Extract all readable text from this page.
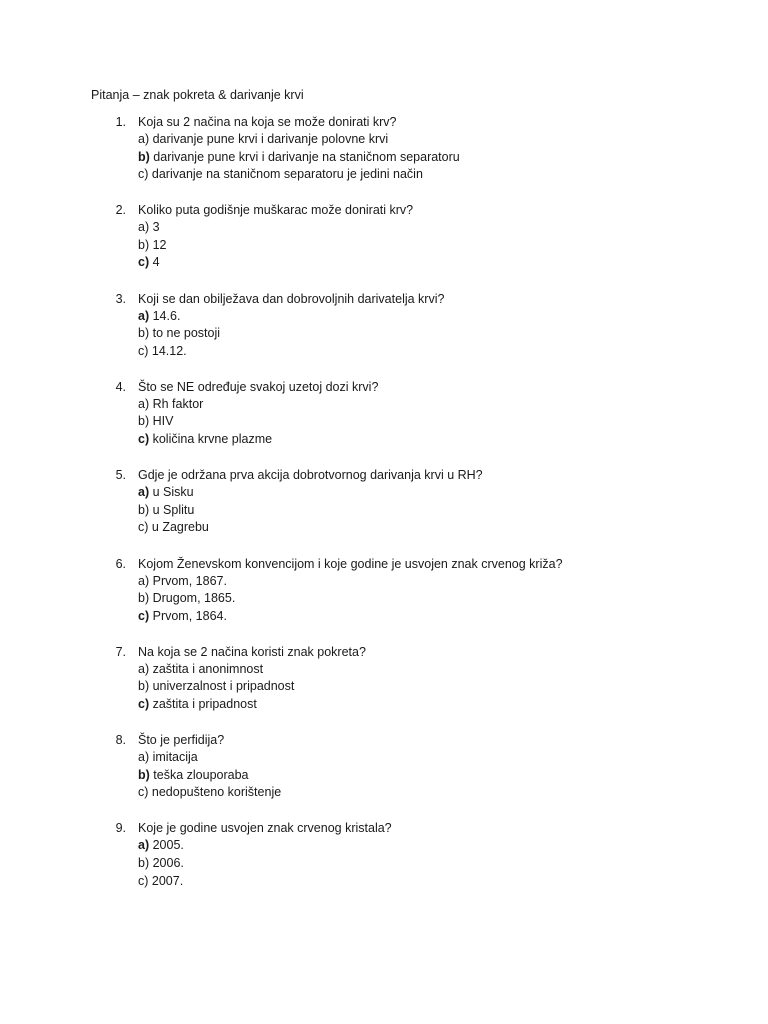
Pitanja – znak pokreta & darivanje krvi
1. Koja su 2 načina na koja se može donirati krv?
a) darivanje pune krvi i darivanje polovne krvi
b) darivanje pune krvi i darivanje na staničnom separatoru
c) darivanje na staničnom separatoru je jedini način
2. Koliko puta godišnje muškarac može donirati krv?
a) 3
b) 12
c) 4
3. Koji se dan obilježava dan dobrovoljnih darivatelja krvi?
a) 14.6.
b) to ne postoji
c) 14.12.
4. Što se NE određuje svakoj uzetoj dozi krvi?
a) Rh faktor
b) HIV
c) količina krvne plazme
5. Gdje je održana prva akcija dobrotvornog darivanja krvi u RH?
a) u Sisku
b) u Splitu
c) u Zagrebu
6. Kojom Ženevskom konvencijom i koje godine je usvojen znak crvenog križa?
a) Prvom, 1867.
b) Drugom, 1865.
c) Prvom, 1864.
7. Na koja se 2 načina koristi znak pokreta?
a) zaštita i anonimnost
b) univerzalnost i pripadnost
c) zaštita i pripadnost
8. Što je perfidija?
a) imitacija
b) teška zlouporaba
c) nedopušteno korištenje
9. Koje je godine usvojen znak crvenog kristala?
a) 2005.
b) 2006.
c) 2007.
